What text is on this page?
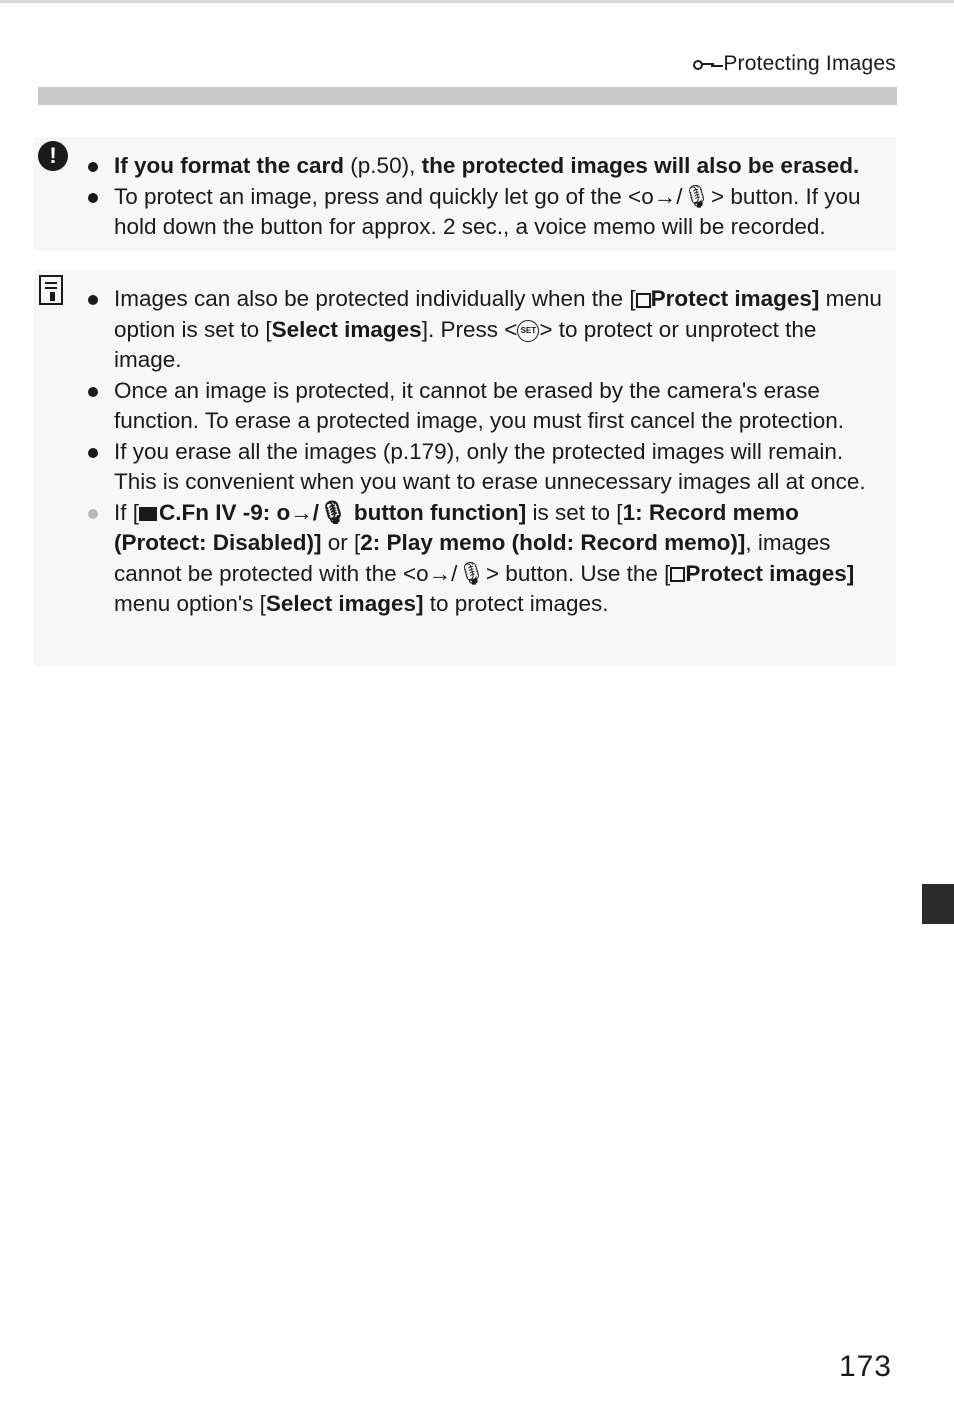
Protecting Images
!	If you format the card (p.50), the protected images will also be erased.
To protect an image, press and quickly let go of the <o→/🎙> button. If you hold down the button for approx. 2 sec., a voice memo will be recorded.
Images can also be protected individually when the [ Protect images] menu option is set to [Select images]. Press < SET > to protect or unprotect the image.
Once an image is protected, it cannot be erased by the camera's erase function. To erase a protected image, you must first cancel the protection.
If you erase all the images (p.179), only the protected images will remain. This is convenient when you want to erase unnecessary images all at once.
If [ C.Fn IV -9: o→/🎙 button function] is set to [1: Record memo (Protect: Disabled)] or [2: Play memo (hold: Record memo)], images cannot be protected with the <o→/🎙> button. Use the [ Protect images] menu option's [Select images] to protect images.
173
